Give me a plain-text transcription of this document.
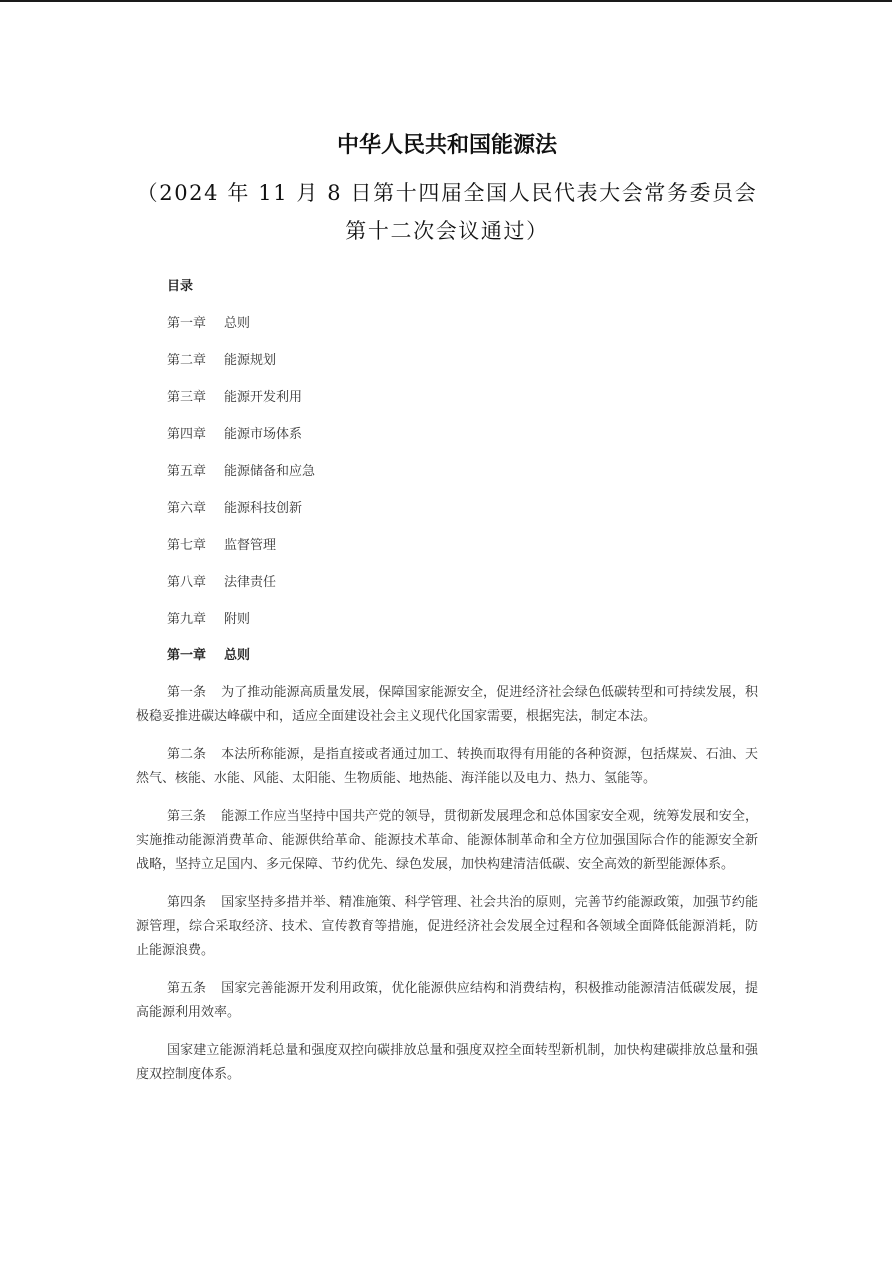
中华人民共和国能源法
（2024 年 11 月 8 日第十四届全国人民代表大会常务委员会
第十二次会议通过）
目录
第一章 总则
第二章 能源规划
第三章 能源开发利用
第四章 能源市场体系
第五章 能源储备和应急
第六章 能源科技创新
第七章 监督管理
第八章 法律责任
第九章 附则
第一章 总则

第一条 为了推动能源高质量发展，保障国家能源安全，促进经济社会绿色低碳转型和可持续发展，积极稳妥推进碳达峰碳中和，适应全面建设社会主义现代化国家需要，根据宪法，制定本法。

第二条 本法所称能源，是指直接或者通过加工、转换而取得有用能的各种资源，包括煤炭、石油、天然气、核能、水能、风能、太阳能、生物质能、地热能、海洋能以及电力、热力、氢能等。

第三条 能源工作应当坚持中国共产党的领导，贯彻新发展理念和总体国家安全观，统筹发展和安全，实施推动能源消费革命、能源供给革命、能源技术革命、能源体制革命和全方位加强国际合作的能源安全新战略，坚持立足国内、多元保障、节约优先、绿色发展，加快构建清洁低碳、安全高效的新型能源体系。

第四条 国家坚持多措并举、精准施策、科学管理、社会共治的原则，完善节约能源政策，加强节约能源管理，综合采取经济、技术、宣传教育等措施，促进经济社会发展全过程和各领域全面降低能源消耗，防止能源浪费。

第五条 国家完善能源开发利用政策，优化能源供应结构和消费结构，积极推动能源清洁低碳发展，提高能源利用效率。

国家建立能源消耗总量和强度双控向碳排放总量和强度双控全面转型新机制，加快构建碳排放总量和强度双控制度体系。
